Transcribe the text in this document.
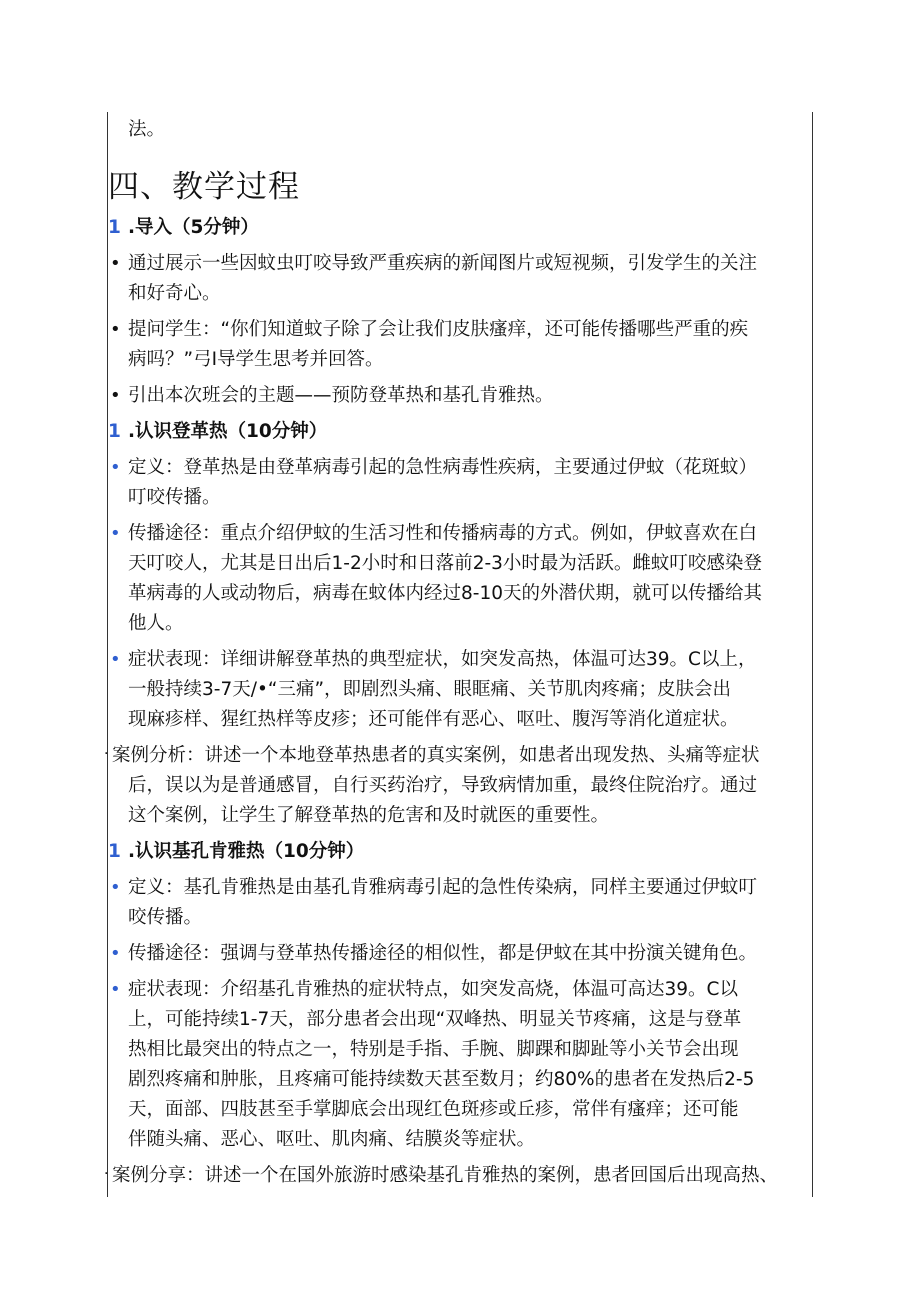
法。
四、教学过程
1 .导入（5分钟）
• 通过展示一些因蚊虫叮咬导致严重疾病的新闻图片或短视频，引发学生的关注
和好奇心。
• 提问学生：“你们知道蚊子除了会让我们皮肤瘙痒，还可能传播哪些严重的疾
病吗？”弓I导学生思考并回答。
• 引出本次班会的主题——预防登革热和基孔肯雅热。
1 .认识登革热（10分钟）
• 定义：登革热是由登革病毒引起的急性病毒性疾病，主要通过伊蚊（花斑蚊）
叮咬传播。
• 传播途径：重点介绍伊蚊的生活习性和传播病毒的方式。例如，伊蚊喜欢在白
天叮咬人，尤其是日出后1-2小时和日落前2-3小时最为活跃。雌蚊叮咬感染登
革病毒的人或动物后，病毒在蚊体内经过8-10天的外潜伏期，就可以传播给其
他人。
• 症状表现：详细讲解登革热的典型症状，如突发高热，体温可达39。C以上，
一般持续3-7天/•“三痛”，即剧烈头痛、眼眶痛、关节肌肉疼痛；皮肤会出
现麻疹样、猩红热样等皮疹；还可能伴有恶心、呕吐、腹泻等消化道症状。
· 案例分析：讲述一个本地登革热患者的真实案例，如患者出现发热、头痛等症状
后，误以为是普通感冒，自行买药治疗，导致病情加重，最终住院治疗。通过
这个案例，让学生了解登革热的危害和及时就医的重要性。
1 .认识基孔肯雅热（10分钟）
• 定义：基孔肯雅热是由基孔肯雅病毒引起的急性传染病，同样主要通过伊蚊叮
咬传播。
• 传播途径：强调与登革热传播途径的相似性，都是伊蚊在其中扮演关键角色。
• 症状表现：介绍基孔肯雅热的症状特点，如突发高烧，体温可高达39。C以
上，可能持续1-7天，部分患者会出现“双峰热、明显关节疼痛，这是与登革
热相比最突出的特点之一，特别是手指、手腕、脚踝和脚趾等小关节会出现
剧烈疼痛和肿胀，且疼痛可能持续数天甚至数月；约80%的患者在发热后2-5
天，面部、四肢甚至手掌脚底会出现红色斑疹或丘疹，常伴有瘙痒；还可能
伴随头痛、恶心、呕吐、肌肉痛、结膜炎等症状。
· 案例分享：讲述一个在国外旅游时感染基孔肯雅热的案例，患者回国后出现高热、
